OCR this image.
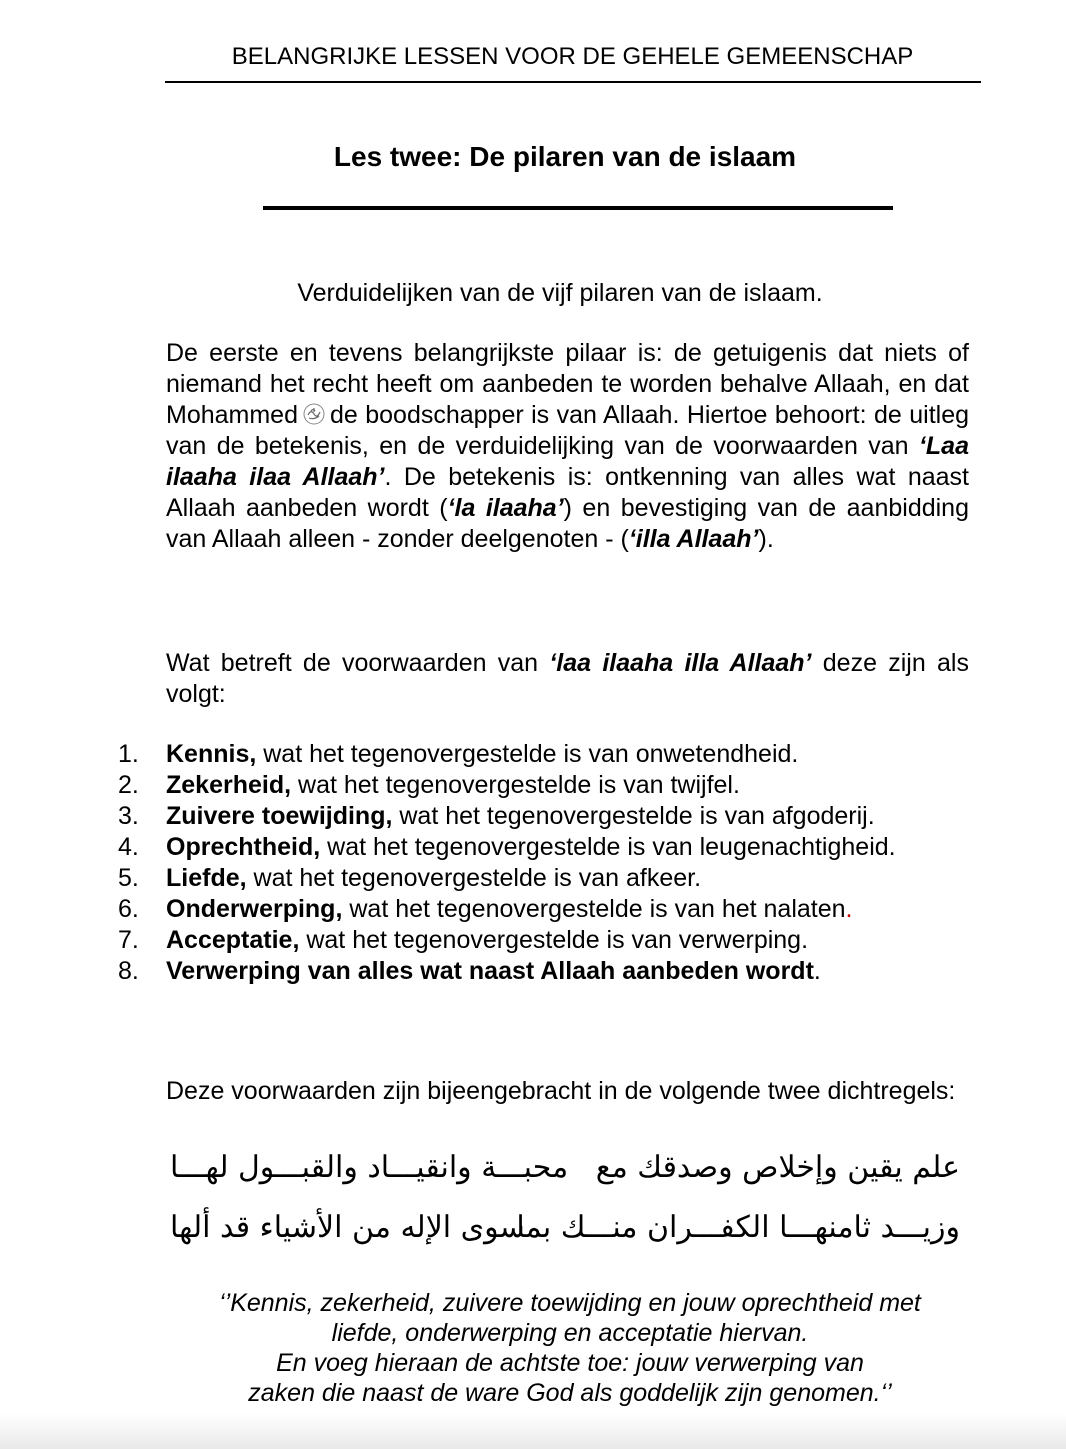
BELANGRIJKE LESSEN VOOR DE GEHELE GEMEENSCHAP
Les twee: De pilaren van de islaam
Verduidelijken van de vijf pilaren van de islaam.
De eerste en tevens belangrijkste pilaar is: de getuigenis dat niets of niemand het recht heeft om aanbeden te worden behalve Allaah, en dat Mohammed de boodschapper is van Allaah. Hiertoe behoort: de uitleg van de betekenis, en de verduidelijking van de voorwaarden van ‘Laa ilaaha ilaa Allaah’. De betekenis is: ontkenning van alles wat naast Allaah aanbeden wordt (‘la ilaaha’) en bevestiging van de aanbidding van Allaah alleen - zonder deelgenoten - (‘illa Allaah’).
Wat betreft de voorwaarden van ‘laa ilaaha illa Allaah’ deze zijn als volgt:
1. Kennis, wat het tegenovergestelde is van onwetendheid.
2. Zekerheid, wat het tegenovergestelde is van twijfel.
3. Zuivere toewijding, wat het tegenovergestelde is van afgoderij.
4. Oprechtheid, wat het tegenovergestelde is van leugenachtigheid.
5. Liefde, wat het tegenovergestelde is van afkeer.
6. Onderwerping, wat het tegenovergestelde is van het nalaten.
7. Acceptatie, wat het tegenovergestelde is van verwerping.
8. Verwerping van alles wat naast Allaah aanbeden wordt.
Deze voorwaarden zijn bijeengebracht in de volgende twee dichtregels:
علم يقين وإخلاص وصدقك مع
محبـــة وانقيـــاد والقبـــول لهـــا
وزيـــد ثامنهـــا الكفـــران منـــك بما
سوى الإله من الأشياء قد ألها
‘’Kennis, zekerheid, zuivere toewijding en jouw oprechtheid met
liefde, onderwerping en acceptatie hiervan.
En voeg hieraan de achtste toe: jouw verwerping van
zaken die naast de ware God als goddelijk zijn genomen.‘’
